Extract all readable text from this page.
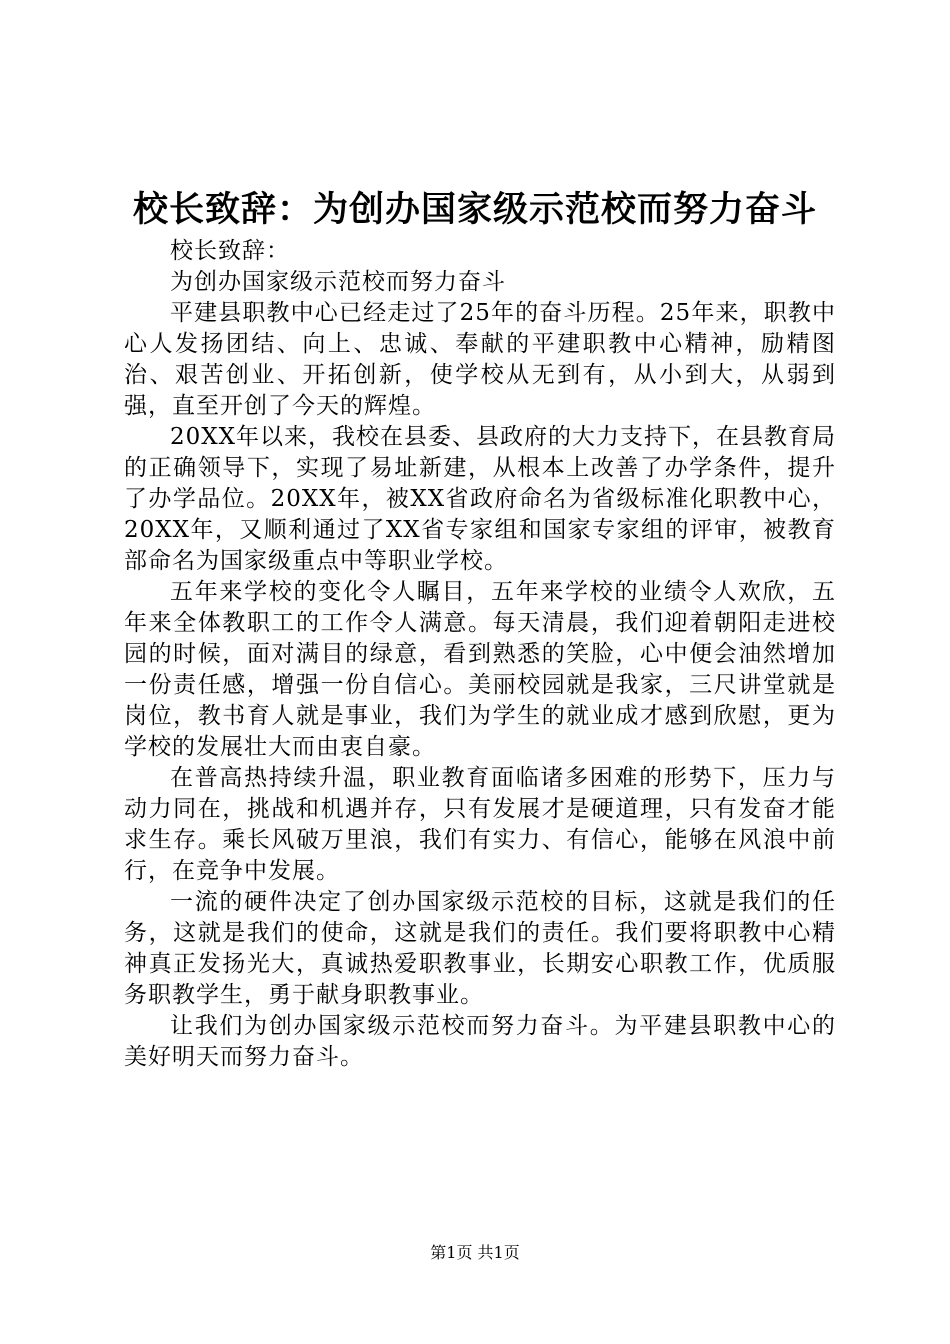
校长致辞：为创办国家级示范校而努力奋斗

校长致辞：

为创办国家级示范校而努力奋斗

平建县职教中心已经走过了25年的奋斗历程。25年来，职教中心人发扬团结、向上、忠诚、奉献的平建职教中心精神，励精图治、艰苦创业、开拓创新，使学校从无到有，从小到大，从弱到强，直至开创了今天的辉煌。

20XX年以来，我校在县委、县政府的大力支持下，在县教育局的正确领导下，实现了易址新建，从根本上改善了办学条件，提升了办学品位。20XX年，被XX省政府命名为省级标准化职教中心，20XX年，又顺利通过了XX省专家组和国家专家组的评审，被教育部命名为国家级重点中等职业学校。

五年来学校的变化令人瞩目，五年来学校的业绩令人欢欣，五年来全体教职工的工作令人满意。每天清晨，我们迎着朝阳走进校园的时候，面对满目的绿意，看到熟悉的笑脸，心中便会油然增加一份责任感，增强一份自信心。美丽校园就是我家，三尺讲堂就是岗位，教书育人就是事业，我们为学生的就业成才感到欣慰，更为学校的发展壮大而由衷自豪。

在普高热持续升温，职业教育面临诸多困难的形势下，压力与动力同在，挑战和机遇并存，只有发展才是硬道理，只有发奋才能求生存。乘长风破万里浪，我们有实力、有信心，能够在风浪中前行，在竞争中发展。

一流的硬件决定了创办国家级示范校的目标，这就是我们的任务，这就是我们的使命，这就是我们的责任。我们要将职教中心精神真正发扬光大，真诚热爱职教事业，长期安心职教工作，优质服务职教学生，勇于献身职教事业。

让我们为创办国家级示范校而努力奋斗。为平建县职教中心的美好明天而努力奋斗。

第1页 共1页
